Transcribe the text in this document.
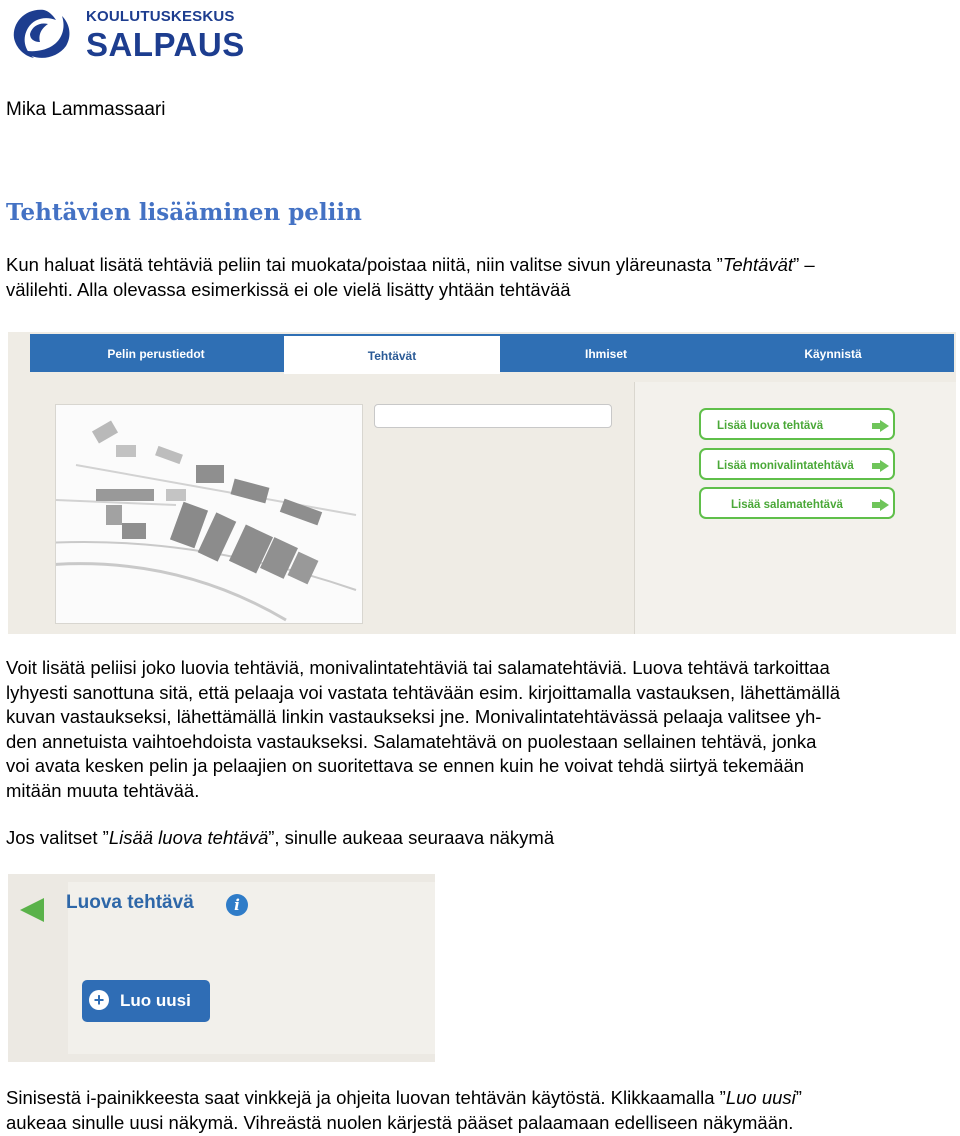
KOULUTUSKESKUS
SALPAUS
Mika Lammassaari
Tehtävien lisääminen peliin
Kun haluat lisätä tehtäviä peliin tai muokata/poistaa niitä, niin valitse sivun yläreunasta ”Tehtävät” –
välilehti. Alla olevassa esimerkissä ei ole vielä lisätty yhtään tehtävää
Pelin perustiedot	Tehtävät	Ihmiset	Käynnistä
Lisää luova tehtävä
Lisää monivalintatehtävä
Lisää salamatehtävä
Voit lisätä peliisi joko luovia tehtäviä, monivalintatehtäviä tai salamatehtäviä. Luova tehtävä tarkoittaa
lyhyesti sanottuna sitä, että pelaaja voi vastata tehtävään esim. kirjoittamalla vastauksen, lähettämällä
kuvan vastaukseksi, lähettämällä linkin vastaukseksi jne. Monivalintatehtävässä pelaaja valitsee yh-
den annetuista vaihtoehdoista vastaukseksi. Salamatehtävä on puolestaan sellainen tehtävä, jonka
voi avata kesken pelin ja pelaajien on suoritettava se ennen kuin he voivat tehdä siirtyä tekemään
mitään muuta tehtävää.
Jos valitset ”Lisää luova tehtävä”, sinulle aukeaa seuraava näkymä
Luova tehtävä	i
+ Luo uusi
Sinisestä i-painikkeesta saat vinkkejä ja ohjeita luovan tehtävän käytöstä. Klikkaamalla ”Luo uusi”
aukeaa sinulle uusi näkymä. Vihreästä nuolen kärjestä pääset palaamaan edelliseen näkymään.
